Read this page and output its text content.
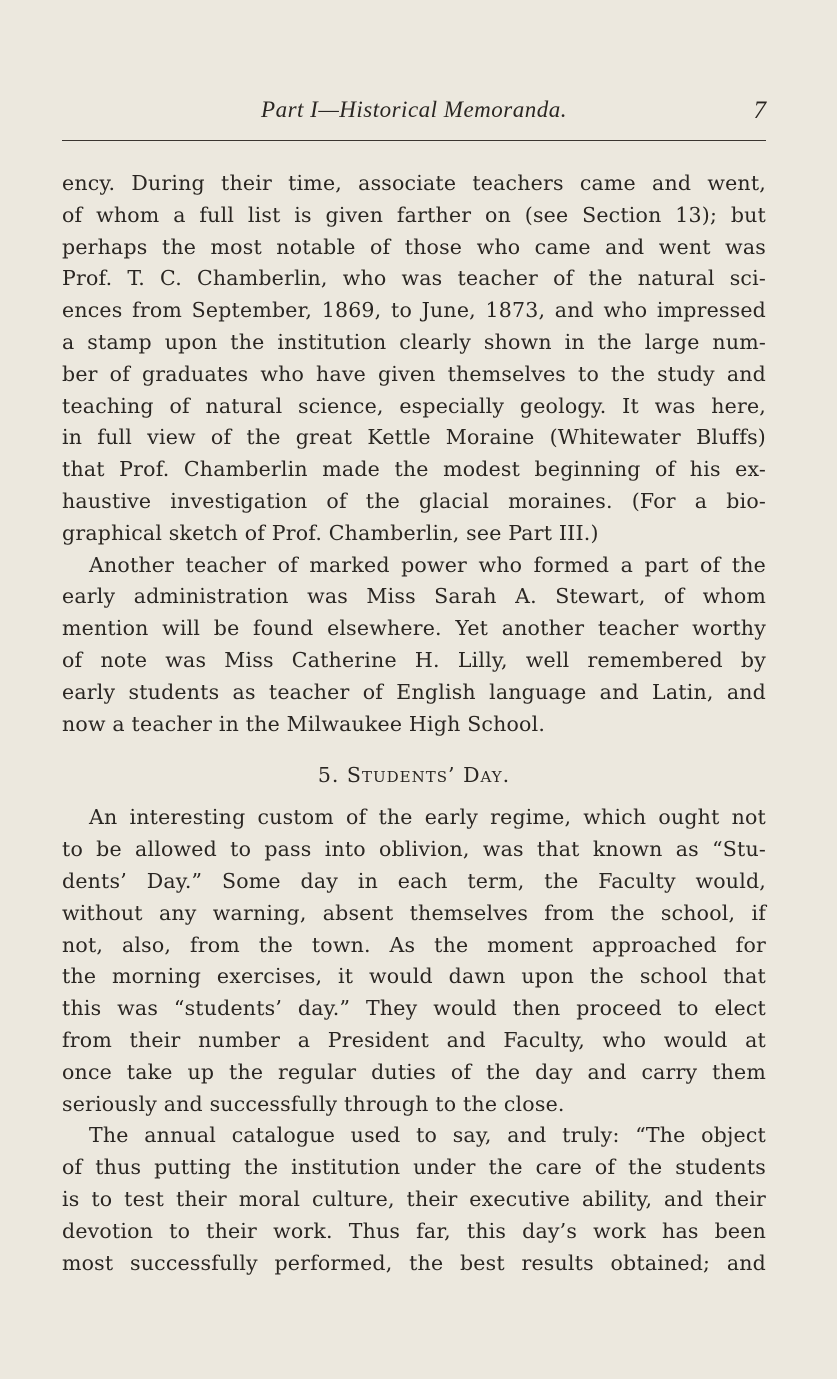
Part I—Historical Memoranda.	7
ency. During their time, associate teachers came and went,
of whom a full list is given farther on (see Section 13); but
perhaps the most notable of those who came and went was
Prof. T. C. Chamberlin, who was teacher of the natural sci-
ences from September, 1869, to June, 1873, and who impressed
a stamp upon the institution clearly shown in the large num-
ber of graduates who have given themselves to the study and
teaching of natural science, especially geology. It was here,
in full view of the great Kettle Moraine (Whitewater Bluffs)
that Prof. Chamberlin made the modest beginning of his ex-
haustive investigation of the glacial moraines. (For a bio-
graphical sketch of Prof. Chamberlin, see Part III.)
Another teacher of marked power who formed a part of the
early administration was Miss Sarah A. Stewart, of whom
mention will be found elsewhere. Yet another teacher worthy
of note was Miss Catherine H. Lilly, well remembered by
early students as teacher of English language and Latin, and
now a teacher in the Milwaukee High School.
5. STUDENTS’ DAY.
An interesting custom of the early regime, which ought not
to be allowed to pass into oblivion, was that known as “Stu-
dents’ Day.” Some day in each term, the Faculty would,
without any warning, absent themselves from the school, if
not, also, from the town. As the moment approached for
the morning exercises, it would dawn upon the school that
this was “students’ day.” They would then proceed to elect
from their number a President and Faculty, who would at
once take up the regular duties of the day and carry them
seriously and successfully through to the close.
The annual catalogue used to say, and truly: “The object
of thus putting the institution under the care of the students
is to test their moral culture, their executive ability, and their
devotion to their work. Thus far, this day’s work has been
most successfully performed, the best results obtained; and
